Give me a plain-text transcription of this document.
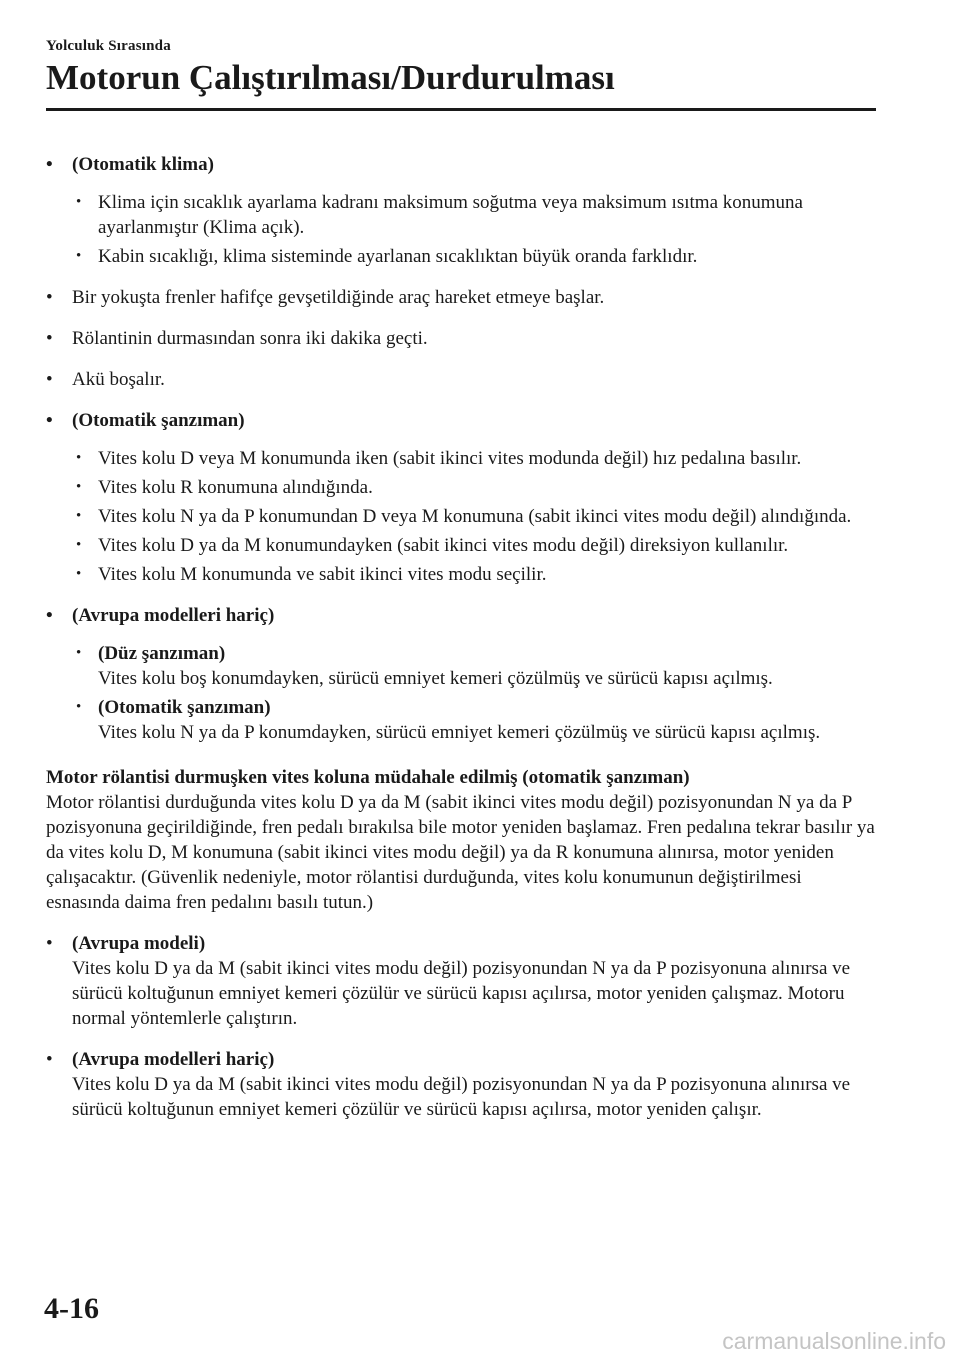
Yolculuk Sırasında
Motorun Çalıştırılması/Durdurulması
• (Otomatik klima)
• Klima için sıcaklık ayarlama kadranı maksimum soğutma veya maksimum ısıtma konumuna ayarlanmıştır (Klima açık).
• Kabin sıcaklığı, klima sisteminde ayarlanan sıcaklıktan büyük oranda farklıdır.
• Bir yokuşta frenler hafifçe gevşetildiğinde araç hareket etmeye başlar.
• Rölantinin durmasından sonra iki dakika geçti.
• Akü boşalır.
• (Otomatik şanzıman)
• Vites kolu D veya M konumunda iken (sabit ikinci vites modunda değil) hız pedalına basılır.
• Vites kolu R konumuna alındığında.
• Vites kolu N ya da P konumundan D veya M konumuna (sabit ikinci vites modu değil) alındığında.
• Vites kolu D ya da M konumundayken (sabit ikinci vites modu değil) direksiyon kullanılır.
• Vites kolu M konumunda ve sabit ikinci vites modu seçilir.
• (Avrupa modelleri hariç)
• (Düz şanzıman)
Vites kolu boş konumdayken, sürücü emniyet kemeri çözülmüş ve sürücü kapısı açılmış.
• (Otomatik şanzıman)
Vites kolu N ya da P konumdayken, sürücü emniyet kemeri çözülmüş ve sürücü kapısı açılmış.
Motor rölantisi durmuşken vites koluna müdahale edilmiş (otomatik şanzıman)
Motor rölantisi durduğunda vites kolu D ya da M (sabit ikinci vites modu değil) pozisyonundan N ya da P pozisyonuna geçirildiğinde, fren pedalı bırakılsa bile motor yeniden başlamaz. Fren pedalına tekrar basılır ya da vites kolu D, M konumuna (sabit ikinci vites modu değil) ya da R konumuna alınırsa, motor yeniden çalışacaktır. (Güvenlik nedeniyle, motor rölantisi durduğunda, vites kolu konumunun değiştirilmesi esnasında daima fren pedalını basılı tutun.)
• (Avrupa modeli)
Vites kolu D ya da M (sabit ikinci vites modu değil) pozisyonundan N ya da P pozisyonuna alınırsa ve sürücü koltuğunun emniyet kemeri çözülür ve sürücü kapısı açılırsa, motor yeniden çalışmaz. Motoru normal yöntemlerle çalıştırın.
• (Avrupa modelleri hariç)
Vites kolu D ya da M (sabit ikinci vites modu değil) pozisyonundan N ya da P pozisyonuna alınırsa ve sürücü koltuğunun emniyet kemeri çözülür ve sürücü kapısı açılırsa, motor yeniden çalışır.
4-16
carmanualsonline.info
